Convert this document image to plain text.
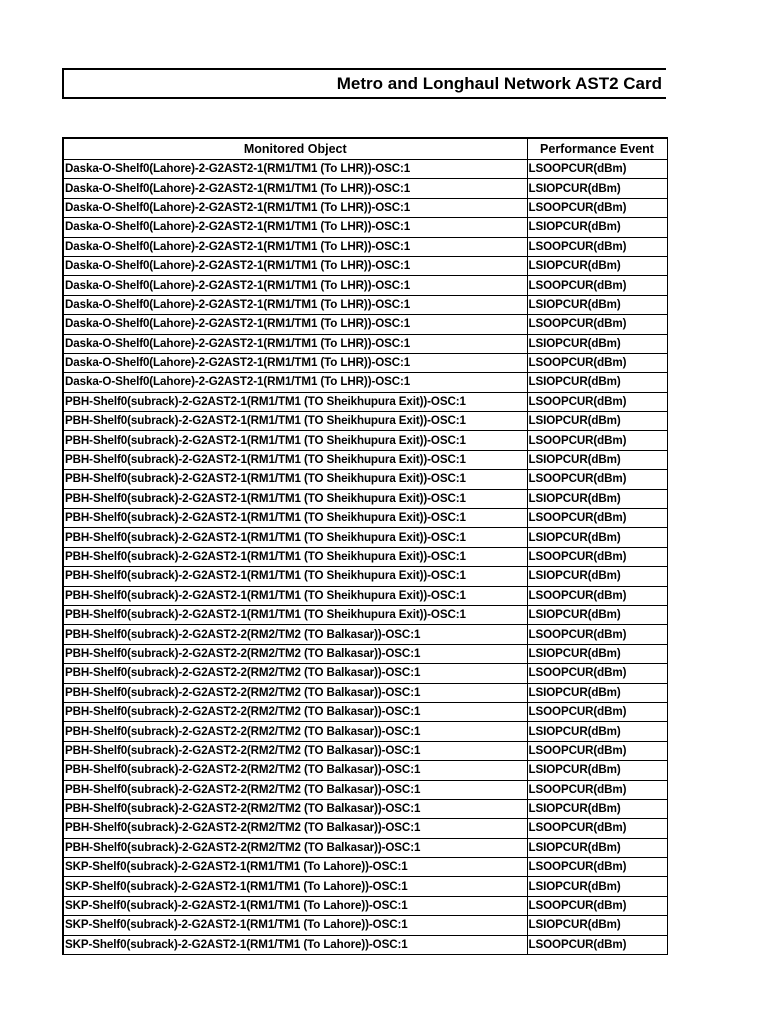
Metro and Longhaul Network AST2 Card
Monitored Object	Performance Event
Daska-O-Shelf0(Lahore)-2-G2AST2-1(RM1/TM1 (To LHR))-OSC:1	LSOOPCUR(dBm)
Daska-O-Shelf0(Lahore)-2-G2AST2-1(RM1/TM1 (To LHR))-OSC:1	LSIOPCUR(dBm)
Daska-O-Shelf0(Lahore)-2-G2AST2-1(RM1/TM1 (To LHR))-OSC:1	LSOOPCUR(dBm)
Daska-O-Shelf0(Lahore)-2-G2AST2-1(RM1/TM1 (To LHR))-OSC:1	LSIOPCUR(dBm)
Daska-O-Shelf0(Lahore)-2-G2AST2-1(RM1/TM1 (To LHR))-OSC:1	LSOOPCUR(dBm)
Daska-O-Shelf0(Lahore)-2-G2AST2-1(RM1/TM1 (To LHR))-OSC:1	LSIOPCUR(dBm)
Daska-O-Shelf0(Lahore)-2-G2AST2-1(RM1/TM1 (To LHR))-OSC:1	LSOOPCUR(dBm)
Daska-O-Shelf0(Lahore)-2-G2AST2-1(RM1/TM1 (To LHR))-OSC:1	LSIOPCUR(dBm)
Daska-O-Shelf0(Lahore)-2-G2AST2-1(RM1/TM1 (To LHR))-OSC:1	LSOOPCUR(dBm)
Daska-O-Shelf0(Lahore)-2-G2AST2-1(RM1/TM1 (To LHR))-OSC:1	LSIOPCUR(dBm)
Daska-O-Shelf0(Lahore)-2-G2AST2-1(RM1/TM1 (To LHR))-OSC:1	LSOOPCUR(dBm)
Daska-O-Shelf0(Lahore)-2-G2AST2-1(RM1/TM1 (To LHR))-OSC:1	LSIOPCUR(dBm)
PBH-Shelf0(subrack)-2-G2AST2-1(RM1/TM1 (TO Sheikhupura Exit))-OSC:1	LSOOPCUR(dBm)
PBH-Shelf0(subrack)-2-G2AST2-1(RM1/TM1 (TO Sheikhupura Exit))-OSC:1	LSIOPCUR(dBm)
PBH-Shelf0(subrack)-2-G2AST2-1(RM1/TM1 (TO Sheikhupura Exit))-OSC:1	LSOOPCUR(dBm)
PBH-Shelf0(subrack)-2-G2AST2-1(RM1/TM1 (TO Sheikhupura Exit))-OSC:1	LSIOPCUR(dBm)
PBH-Shelf0(subrack)-2-G2AST2-1(RM1/TM1 (TO Sheikhupura Exit))-OSC:1	LSOOPCUR(dBm)
PBH-Shelf0(subrack)-2-G2AST2-1(RM1/TM1 (TO Sheikhupura Exit))-OSC:1	LSIOPCUR(dBm)
PBH-Shelf0(subrack)-2-G2AST2-1(RM1/TM1 (TO Sheikhupura Exit))-OSC:1	LSOOPCUR(dBm)
PBH-Shelf0(subrack)-2-G2AST2-1(RM1/TM1 (TO Sheikhupura Exit))-OSC:1	LSIOPCUR(dBm)
PBH-Shelf0(subrack)-2-G2AST2-1(RM1/TM1 (TO Sheikhupura Exit))-OSC:1	LSOOPCUR(dBm)
PBH-Shelf0(subrack)-2-G2AST2-1(RM1/TM1 (TO Sheikhupura Exit))-OSC:1	LSIOPCUR(dBm)
PBH-Shelf0(subrack)-2-G2AST2-1(RM1/TM1 (TO Sheikhupura Exit))-OSC:1	LSOOPCUR(dBm)
PBH-Shelf0(subrack)-2-G2AST2-1(RM1/TM1 (TO Sheikhupura Exit))-OSC:1	LSIOPCUR(dBm)
PBH-Shelf0(subrack)-2-G2AST2-2(RM2/TM2 (TO Balkasar))-OSC:1	LSOOPCUR(dBm)
PBH-Shelf0(subrack)-2-G2AST2-2(RM2/TM2 (TO Balkasar))-OSC:1	LSIOPCUR(dBm)
PBH-Shelf0(subrack)-2-G2AST2-2(RM2/TM2 (TO Balkasar))-OSC:1	LSOOPCUR(dBm)
PBH-Shelf0(subrack)-2-G2AST2-2(RM2/TM2 (TO Balkasar))-OSC:1	LSIOPCUR(dBm)
PBH-Shelf0(subrack)-2-G2AST2-2(RM2/TM2 (TO Balkasar))-OSC:1	LSOOPCUR(dBm)
PBH-Shelf0(subrack)-2-G2AST2-2(RM2/TM2 (TO Balkasar))-OSC:1	LSIOPCUR(dBm)
PBH-Shelf0(subrack)-2-G2AST2-2(RM2/TM2 (TO Balkasar))-OSC:1	LSOOPCUR(dBm)
PBH-Shelf0(subrack)-2-G2AST2-2(RM2/TM2 (TO Balkasar))-OSC:1	LSIOPCUR(dBm)
PBH-Shelf0(subrack)-2-G2AST2-2(RM2/TM2 (TO Balkasar))-OSC:1	LSOOPCUR(dBm)
PBH-Shelf0(subrack)-2-G2AST2-2(RM2/TM2 (TO Balkasar))-OSC:1	LSIOPCUR(dBm)
PBH-Shelf0(subrack)-2-G2AST2-2(RM2/TM2 (TO Balkasar))-OSC:1	LSOOPCUR(dBm)
PBH-Shelf0(subrack)-2-G2AST2-2(RM2/TM2 (TO Balkasar))-OSC:1	LSIOPCUR(dBm)
SKP-Shelf0(subrack)-2-G2AST2-1(RM1/TM1 (To Lahore))-OSC:1	LSOOPCUR(dBm)
SKP-Shelf0(subrack)-2-G2AST2-1(RM1/TM1 (To Lahore))-OSC:1	LSIOPCUR(dBm)
SKP-Shelf0(subrack)-2-G2AST2-1(RM1/TM1 (To Lahore))-OSC:1	LSOOPCUR(dBm)
SKP-Shelf0(subrack)-2-G2AST2-1(RM1/TM1 (To Lahore))-OSC:1	LSIOPCUR(dBm)
SKP-Shelf0(subrack)-2-G2AST2-1(RM1/TM1 (To Lahore))-OSC:1	LSOOPCUR(dBm)
